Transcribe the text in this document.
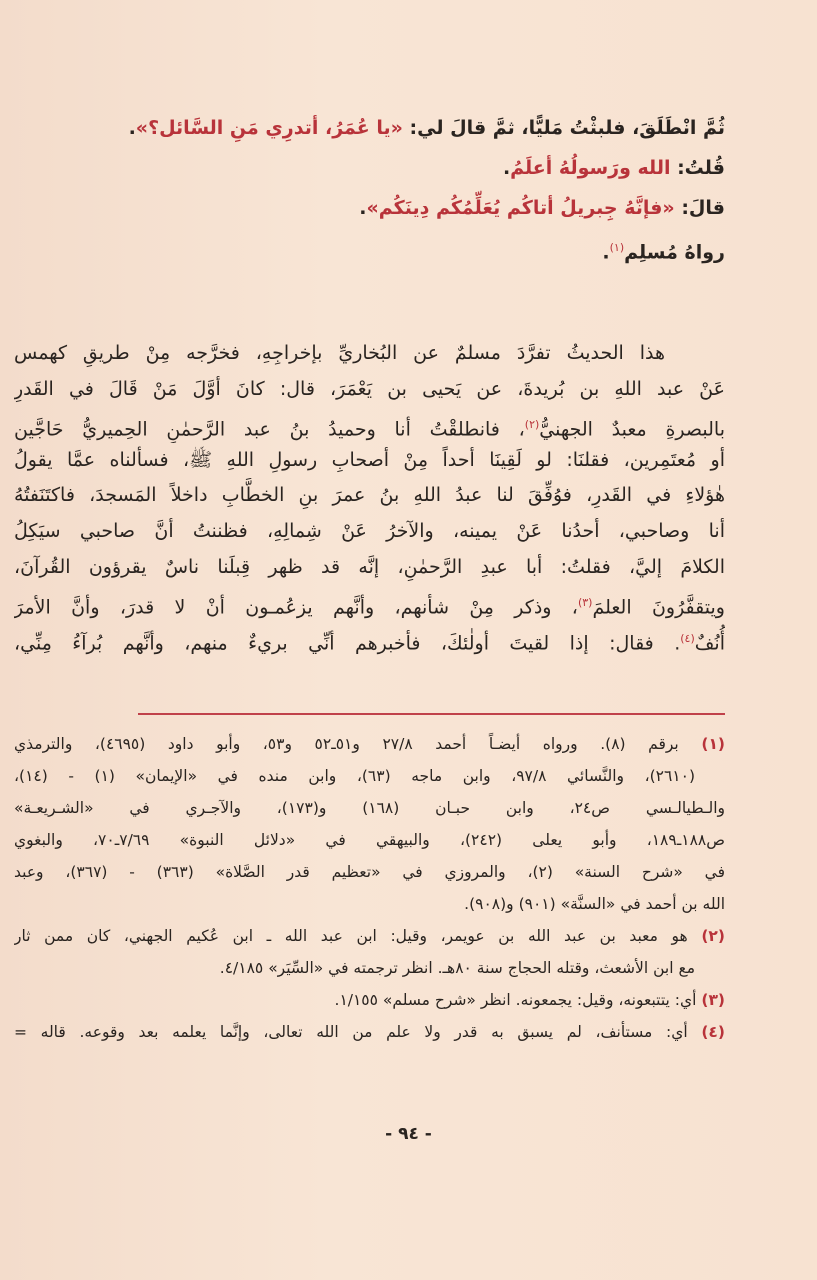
ثُمَّ انْطَلَقَ، فلبثْتُ مَليًّا، ثمَّ قالَ لي: «يا عُمَرُ، أتدرِي مَنِ السَّائل؟».
قُلتُ: الله ورَسولُهُ أعلَمُ.
قالَ: «فإنَّهُ جِبريلُ أتاكُم يُعَلِّمُكُم دِينَكُم».
رواهُ مُسلِم$^{(١)}$.
هذا الحديثُ تفرَّدَ مسلمٌ عن البُخاريِّ بإخراجِهِ، فخرَّجه مِنْ طريقِ كهمس
عَنْ عبد اللهِ بن بُريدةَ، عن يَحيى بن يَعْمَرَ، قال: كانَ أوَّلَ مَنْ قَالَ في القَدرِ
بالبصرةِ معبدٌ الجهنيُّ$^{(٢)}$، فانطلقْتُ أنا وحميدُ بنُ عبد الرَّحمٰنِ الحِميريُّ حَاجَّين
أو مُعتَمِرين، فقلنَا: لو لَقِينَا أحداً مِنْ أصحابِ رسولِ اللهِ ﷺ، فسألناه عمَّا يقولُ
هٰؤلاءِ في القَدرِ، فوُفِّقَ لنا عبدُ اللهِ بنُ عمرَ بنِ الخطَّابِ داخلاً المَسجدَ، فاكتَنَفتُهُ
أنا وصاحبي، أحدُنا عَنْ يمينه، والآخرُ عَنْ شِمالِهِ، فظننتُ أنَّ صاحبي سيَكِلُ
الكلامَ إليَّ، فقلتُ: أبا عبدِ الرَّحمٰنِ، إنَّه قد ظهر قِبلَنا ناسٌ يقرؤون القُرآنَ،
ويتقفَّرُونَ العلمَ$^{(٣)}$، وذكر مِنْ شأنهم، وأنَّهم يزعُمـون أنْ لا قدرَ، وأنَّ الأمرَ
أُنُفٌ$^{(٤)}$. فقال: إذا لقيتَ أولٰئكَ، فأخبرهم أنِّي بريءٌ منهم، وأنَّهم بُرآءُ مِنِّي،
(١) برقم (٨). ورواه أيضـاً أحمد ٢٧/٨ و٥١ـ٥٢ و٥٣، وأبو داود (٤٦٩٥)، والترمذي
(٢٦١٠)، والنَّسائي ٩٧/٨، وابن ماجه (٦٣)، وابن منده في «الإيمان» (١) - (١٤)،
والـطيالـسي ص٢٤، وابن حبـان (١٦٨) و(١٧٣)، والآجـري في «الشـريعـة»
ص١٨٨ـ١٨٩، وأبو يعلى (٢٤٢)، والبيهقي في «دلائل النبوة» ٧/٦٩ـ٧٠، والبغوي
في «شرح السنة» (٢)، والمروزي في «تعظيم قدر الصَّلاة» (٣٦٣) - (٣٦٧)، وعبد
الله بن أحمد في «السنَّة» (٩٠١) و(٩٠٨).
(٢) هو معبد بن عبد الله بن عويمر، وقيل: ابن عبد الله ـ ابن عُكيم الجهني، كان ممن ثار
مع ابن الأشعث، وقتله الحجاج سنة ٨٠هـ. انظر ترجمته في «السِّيَر» ٤/١٨٥.
(٣) أي: يتتبعونه، وقيل: يجمعونه. انظر «شرح مسلم» ١/١٥٥.
(٤) أي: مستأنف، لم يسبق به قدر ولا علم من الله تعالى، وإنَّما يعلمه بعد وقوعه. قاله =
- ٩٤ -
